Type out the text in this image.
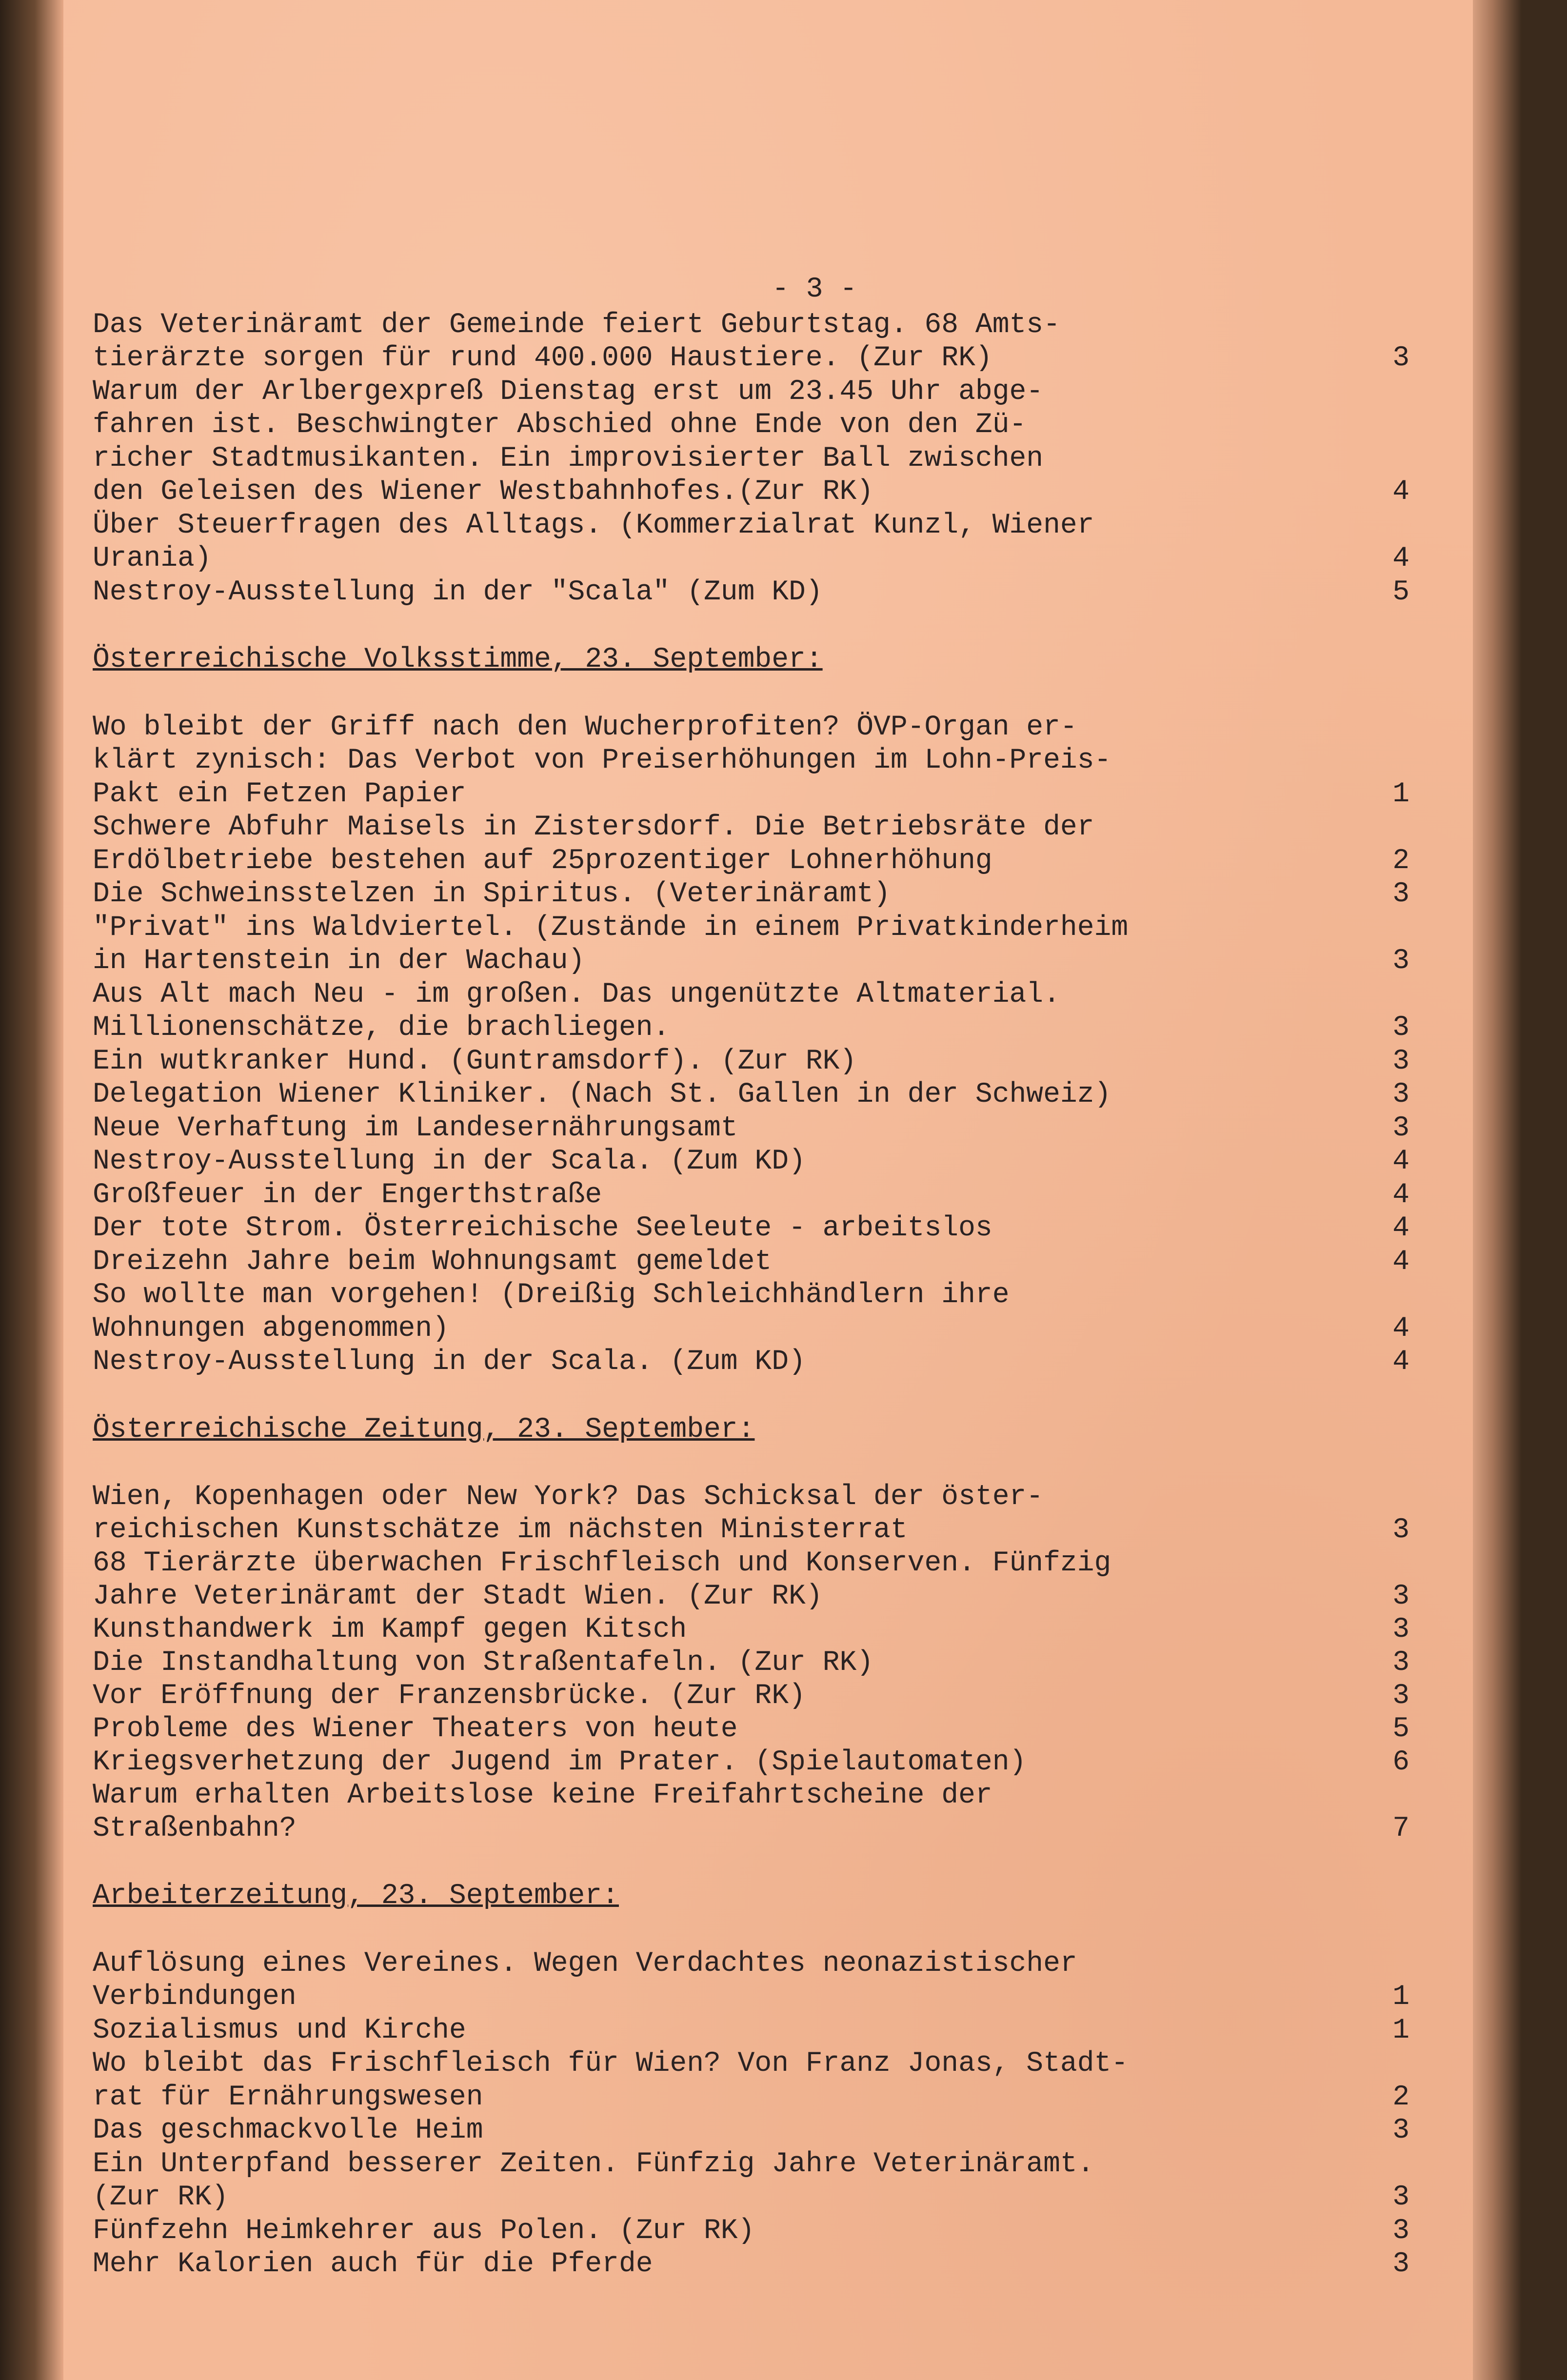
- 3 -
Das Veterinäramt der Gemeinde feiert Geburtstag. 68 Amts-
tierärzte sorgen für rund 400.000 Haustiere. (Zur RK)	3
Warum der Arlbergexpreß Dienstag erst um 23.45 Uhr abge-
fahren ist. Beschwingter Abschied ohne Ende von den Zü-
richer Stadtmusikanten. Ein improvisierter Ball zwischen
den Geleisen des Wiener Westbahnhofes.(Zur RK)	4
Über Steuerfragen des Alltags. (Kommerzialrat Kunzl, Wiener
Urania)	4
Nestroy-Ausstellung in der "Scala" (Zum KD)	5
Österreichische Volksstimme, 23. September:
Wo bleibt der Griff nach den Wucherprofiten? ÖVP-Organ er-
klärt zynisch: Das Verbot von Preiserhöhungen im Lohn-Preis-
Pakt ein Fetzen Papier	1
Schwere Abfuhr Maisels in Zistersdorf. Die Betriebsräte der
Erdölbetriebe bestehen auf 25prozentiger Lohnerhöhung	2
Die Schweinsstelzen in Spiritus. (Veterinäramt)	3
"Privat" ins Waldviertel. (Zustände in einem Privatkinderheim
in Hartenstein in der Wachau)	3
Aus Alt mach Neu - im großen. Das ungenützte Altmaterial.
Millionenschätze, die brachliegen.	3
Ein wutkranker Hund. (Guntramsdorf). (Zur RK)	3
Delegation Wiener Kliniker. (Nach St. Gallen in der Schweiz)	3
Neue Verhaftung im Landesernährungsamt	3
Nestroy-Ausstellung in der Scala. (Zum KD)	4
Großfeuer in der Engerthstraße	4
Der tote Strom. Österreichische Seeleute - arbeitslos	4
Dreizehn Jahre beim Wohnungsamt gemeldet	4
So wollte man vorgehen! (Dreißig Schleichhändlern ihre
Wohnungen abgenommen)	4
Nestroy-Ausstellung in der Scala. (Zum KD)	4
Österreichische Zeitung, 23. September:
Wien, Kopenhagen oder New York? Das Schicksal der öster-
reichischen Kunstschätze im nächsten Ministerrat	3
68 Tierärzte überwachen Frischfleisch und Konserven. Fünfzig
Jahre Veterinäramt der Stadt Wien. (Zur RK)	3
Kunsthandwerk im Kampf gegen Kitsch	3
Die Instandhaltung von Straßentafeln. (Zur RK)	3
Vor Eröffnung der Franzensbrücke. (Zur RK)	3
Probleme des Wiener Theaters von heute	5
Kriegsverhetzung der Jugend im Prater. (Spielautomaten)	6
Warum erhalten Arbeitslose keine Freifahrtscheine der
Straßenbahn?	7
Arbeiterzeitung, 23. September:
Auflösung eines Vereines. Wegen Verdachtes neonazistischer
Verbindungen	1
Sozialismus und Kirche	1
Wo bleibt das Frischfleisch für Wien? Von Franz Jonas, Stadt-
rat für Ernährungswesen	2
Das geschmackvolle Heim	3
Ein Unterpfand besserer Zeiten. Fünfzig Jahre Veterinäramt.
(Zur RK)	3
Fünfzehn Heimkehrer aus Polen. (Zur RK)	3
Mehr Kalorien auch für die Pferde	3
